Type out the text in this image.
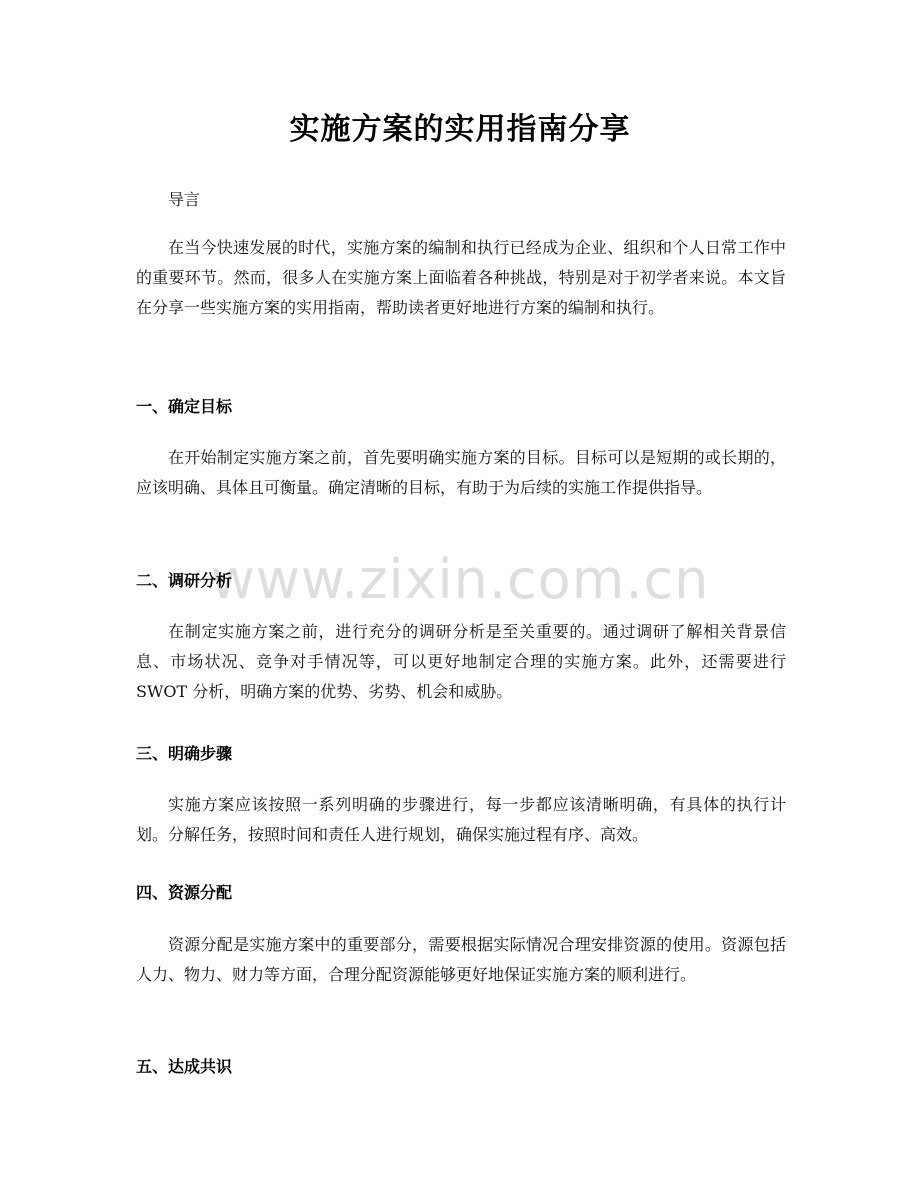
实施方案的实用指南分享
导言
在当今快速发展的时代，实施方案的编制和执行已经成为企业、组织和个人日常工作中的重要环节。然而，很多人在实施方案上面临着各种挑战，特别是对于初学者来说。本文旨在分享一些实施方案的实用指南，帮助读者更好地进行方案的编制和执行。
一、确定目标
在开始制定实施方案之前，首先要明确实施方案的目标。目标可以是短期的或长期的，应该明确、具体且可衡量。确定清晰的目标，有助于为后续的实施工作提供指导。
二、调研分析
在制定实施方案之前，进行充分的调研分析是至关重要的。通过调研了解相关背景信息、市场状况、竞争对手情况等，可以更好地制定合理的实施方案。此外，还需要进行 SWOT 分析，明确方案的优势、劣势、机会和威胁。
三、明确步骤
实施方案应该按照一系列明确的步骤进行，每一步都应该清晰明确，有具体的执行计划。分解任务，按照时间和责任人进行规划，确保实施过程有序、高效。
四、资源分配
资源分配是实施方案中的重要部分，需要根据实际情况合理安排资源的使用。资源包括人力、物力、财力等方面，合理分配资源能够更好地保证实施方案的顺利进行。
五、达成共识
www.zixin.com.cn
